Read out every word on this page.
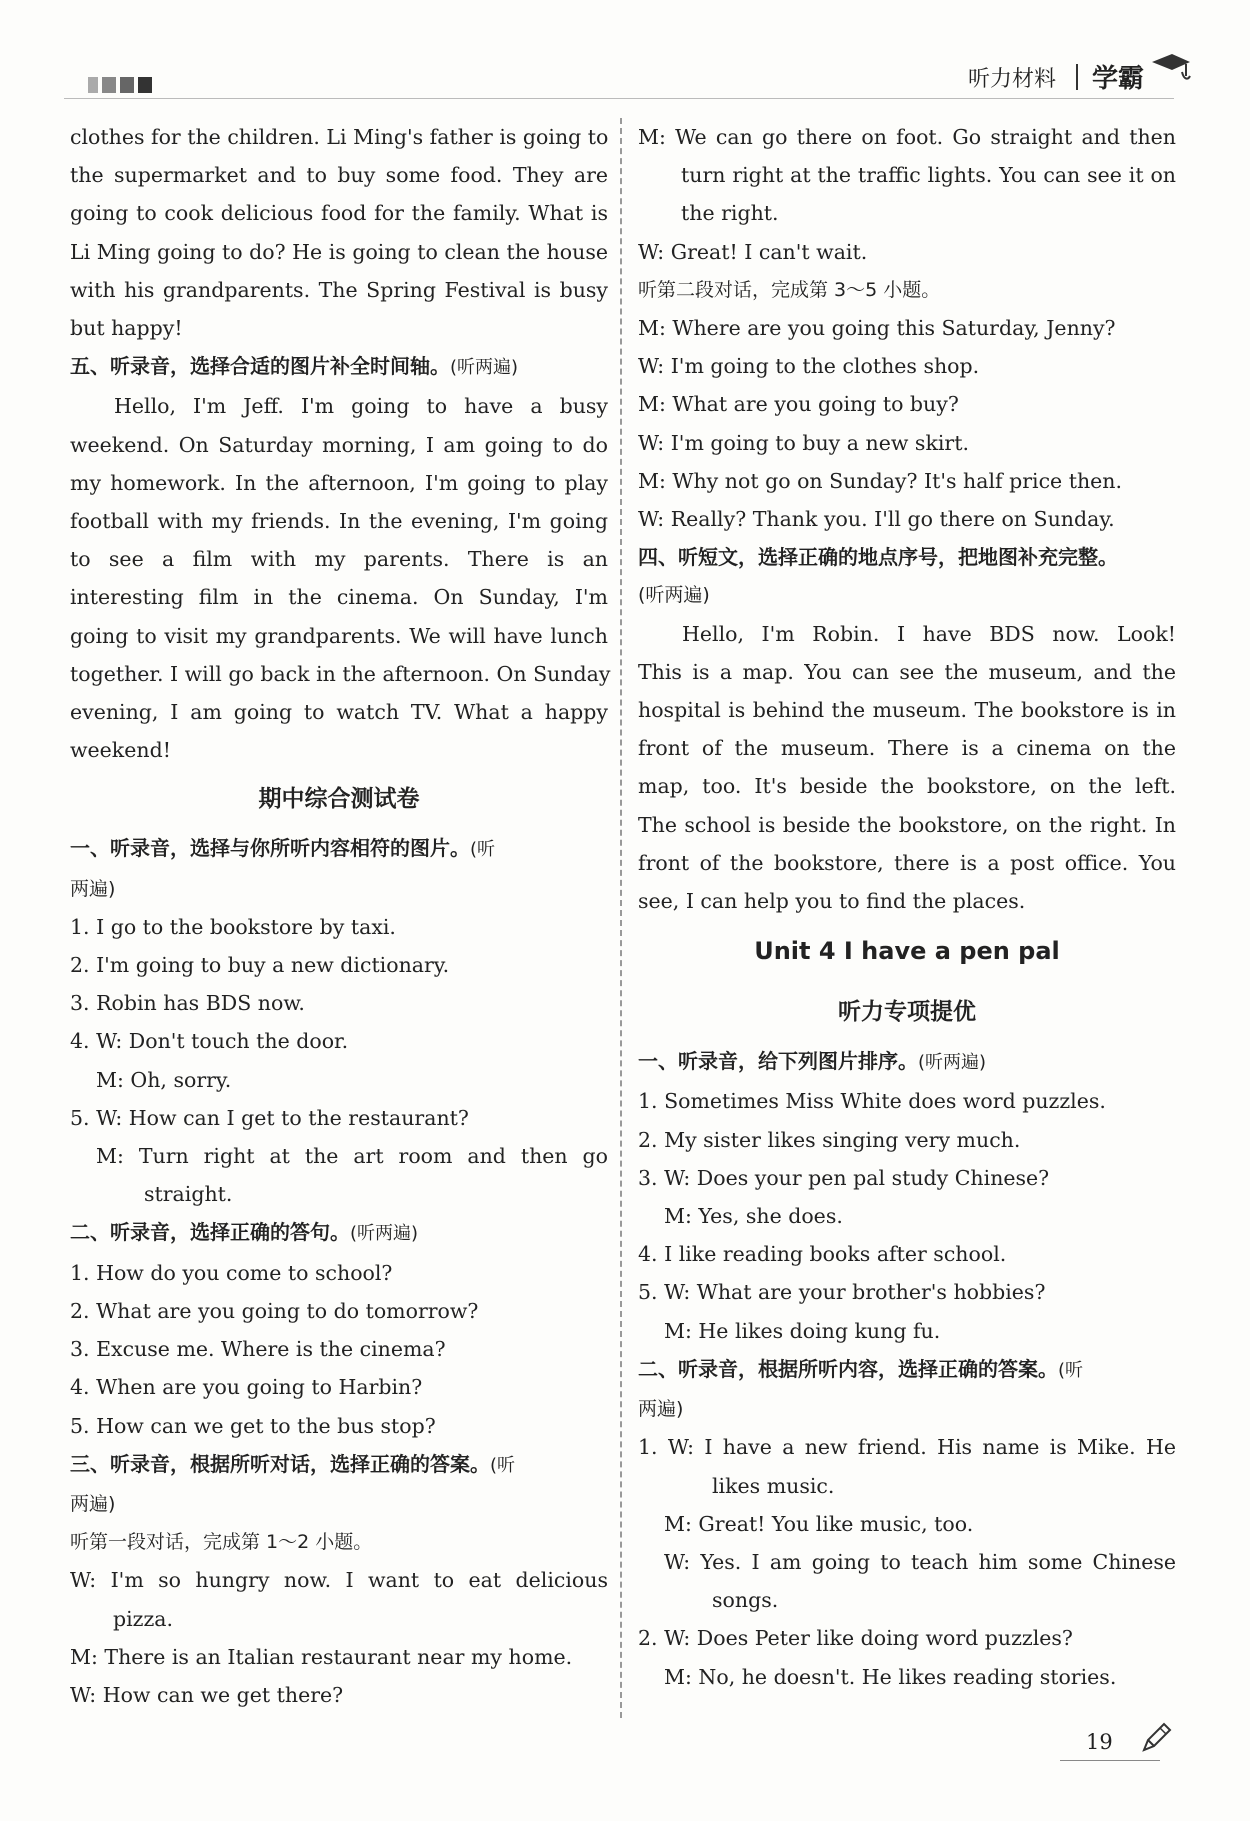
听力材料 学霸
clothes for the children. Li Ming's father is going to
the supermarket and to buy some food. They are
going to cook delicious food for the family. What is
Li Ming going to do? He is going to clean the house
with his grandparents. The Spring Festival is busy
but happy!
五、听录音，选择合适的图片补全时间轴。(听两遍)
Hello, I'm Jeff. I'm going to have a busy
weekend. On Saturday morning, I am going to do
my homework. In the afternoon, I'm going to play
football with my friends. In the evening, I'm going
to see a film with my parents. There is an
interesting film in the cinema. On Sunday, I'm
going to visit my grandparents. We will have lunch
together. I will go back in the afternoon. On Sunday
evening, I am going to watch TV. What a happy
weekend!
期中综合测试卷
一、听录音，选择与你所听内容相符的图片。(听
两遍)
1. I go to the bookstore by taxi.
2. I'm going to buy a new dictionary.
3. Robin has BDS now.
4. W: Don't touch the door.
M: Oh, sorry.
5. W: How can I get to the restaurant?
M: Turn right at the art room and then go
straight.
二、听录音，选择正确的答句。(听两遍)
1. How do you come to school?
2. What are you going to do tomorrow?
3. Excuse me. Where is the cinema?
4. When are you going to Harbin?
5. How can we get to the bus stop?
三、听录音，根据所听对话，选择正确的答案。(听
两遍)
听第一段对话，完成第 1～2 小题。
W: I'm so hungry now. I want to eat delicious
pizza.
M: There is an Italian restaurant near my home.
W: How can we get there?
M: We can go there on foot. Go straight and then
turn right at the traffic lights. You can see it on
the right.
W: Great! I can't wait.
听第二段对话，完成第 3～5 小题。
M: Where are you going this Saturday, Jenny?
W: I'm going to the clothes shop.
M: What are you going to buy?
W: I'm going to buy a new skirt.
M: Why not go on Sunday? It's half price then.
W: Really? Thank you. I'll go there on Sunday.
四、听短文，选择正确的地点序号，把地图补充完整。
(听两遍)
Hello, I'm Robin. I have BDS now. Look!
This is a map. You can see the museum, and the
hospital is behind the museum. The bookstore is in
front of the museum. There is a cinema on the
map, too. It's beside the bookstore, on the left.
The school is beside the bookstore, on the right. In
front of the bookstore, there is a post office. You
see, I can help you to find the places.
Unit 4 I have a pen pal
听力专项提优
一、听录音，给下列图片排序。(听两遍)
1. Sometimes Miss White does word puzzles.
2. My sister likes singing very much.
3. W: Does your pen pal study Chinese?
M: Yes, she does.
4. I like reading books after school.
5. W: What are your brother's hobbies?
M: He likes doing kung fu.
二、听录音，根据所听内容，选择正确的答案。(听
两遍)
1. W: I have a new friend. His name is Mike. He
likes music.
M: Great! You like music, too.
W: Yes. I am going to teach him some Chinese
songs.
2. W: Does Peter like doing word puzzles?
M: No, he doesn't. He likes reading stories.
19
